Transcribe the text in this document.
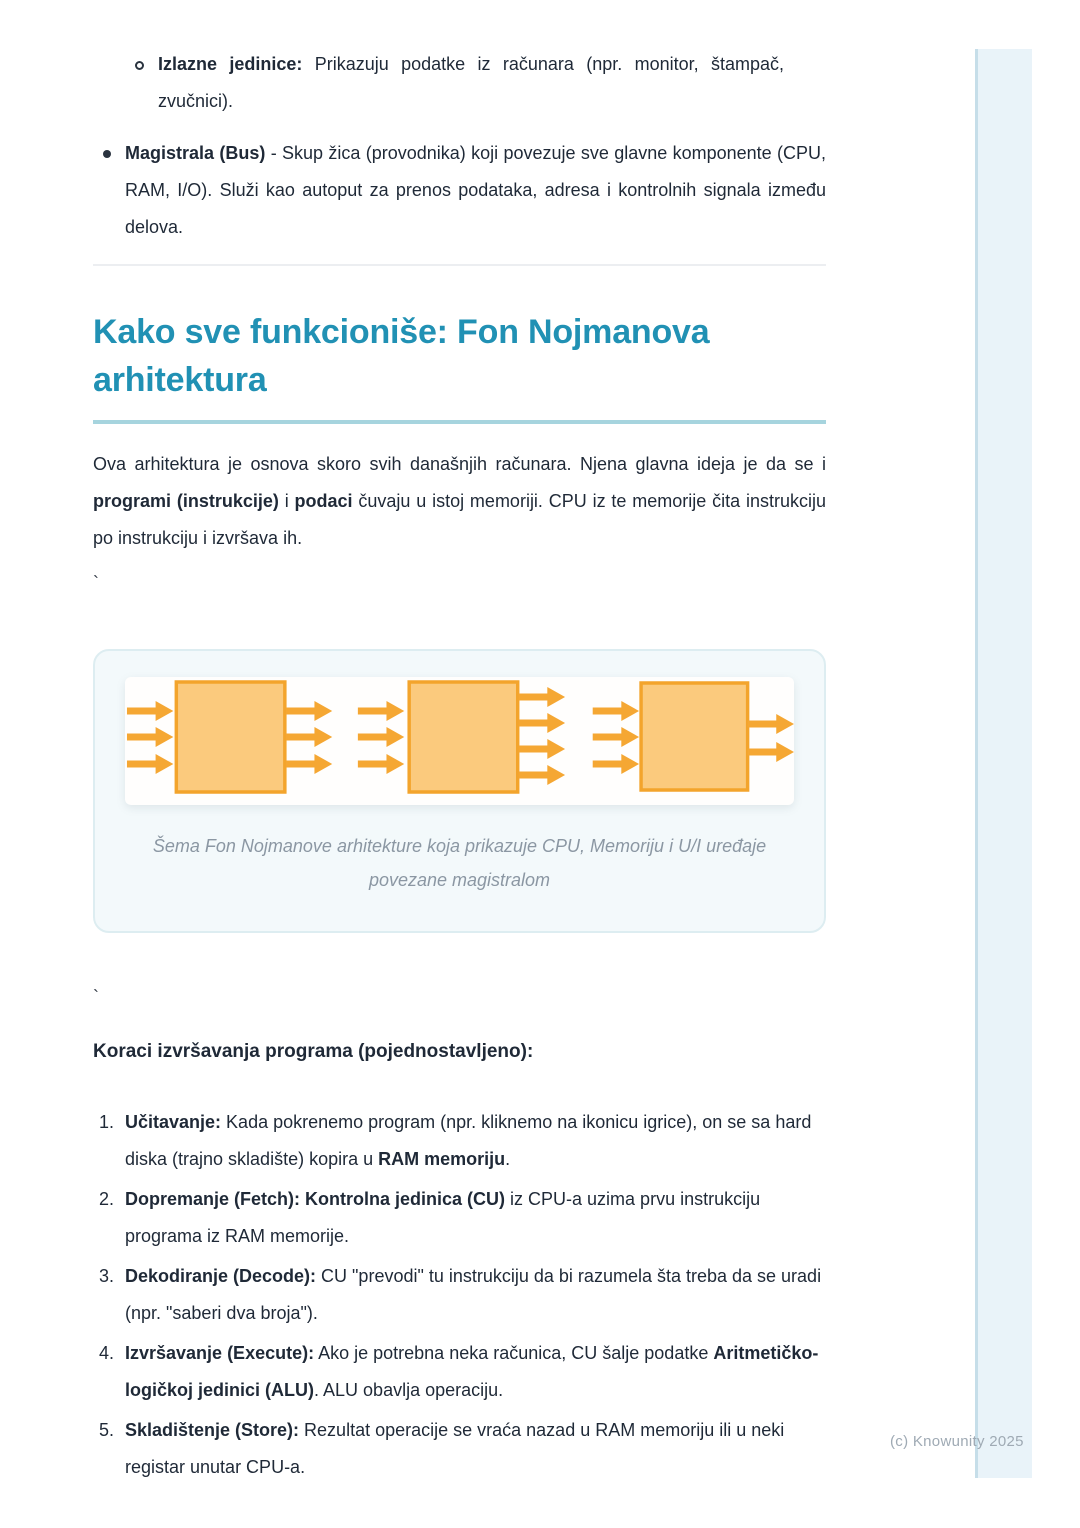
Izlazne jedinice: Prikazuju podatke iz računara (npr. monitor, štampač, zvučnici).
Magistrala (Bus) - Skup žica (provodnika) koji povezuje sve glavne komponente (CPU, RAM, I/O). Služi kao autoput za prenos podataka, adresa i kontrolnih signala između delova.
Kako sve funkcioniše: Fon Nojmanova arhitektura

Ova arhitektura je osnova skoro svih današnjih računara. Njena glavna ideja je da se i programi (instrukcije) i podaci čuvaju u istoj memoriji. CPU iz te memorije čita instrukciju po instrukciju i izvršava ih.

`
Šema Fon Nojmanove arhitekture koja prikazuje CPU, Memoriju i U/I uređaje povezane magistralom
`

Koraci izvršavanja programa (pojednostavljeno):

1. Učitavanje: Kada pokrenemo program (npr. kliknemo na ikonicu igrice), on se sa hard diska (trajno skladište) kopira u RAM memoriju.
2. Dopremanje (Fetch): Kontrolna jedinica (CU) iz CPU-a uzima prvu instrukciju programa iz RAM memorije.
3. Dekodiranje (Decode): CU "prevodi" tu instrukciju da bi razumela šta treba da se uradi (npr. "saberi dva broja").
4. Izvršavanje (Execute): Ako je potrebna neka računica, CU šalje podatke Aritmetičko-logičkoj jedinici (ALU). ALU obavlja operaciju.
5. Skladištenje (Store): Rezultat operacije se vraća nazad u RAM memoriju ili u neki registar unutar CPU-a.
(c) Knowunity 2025
